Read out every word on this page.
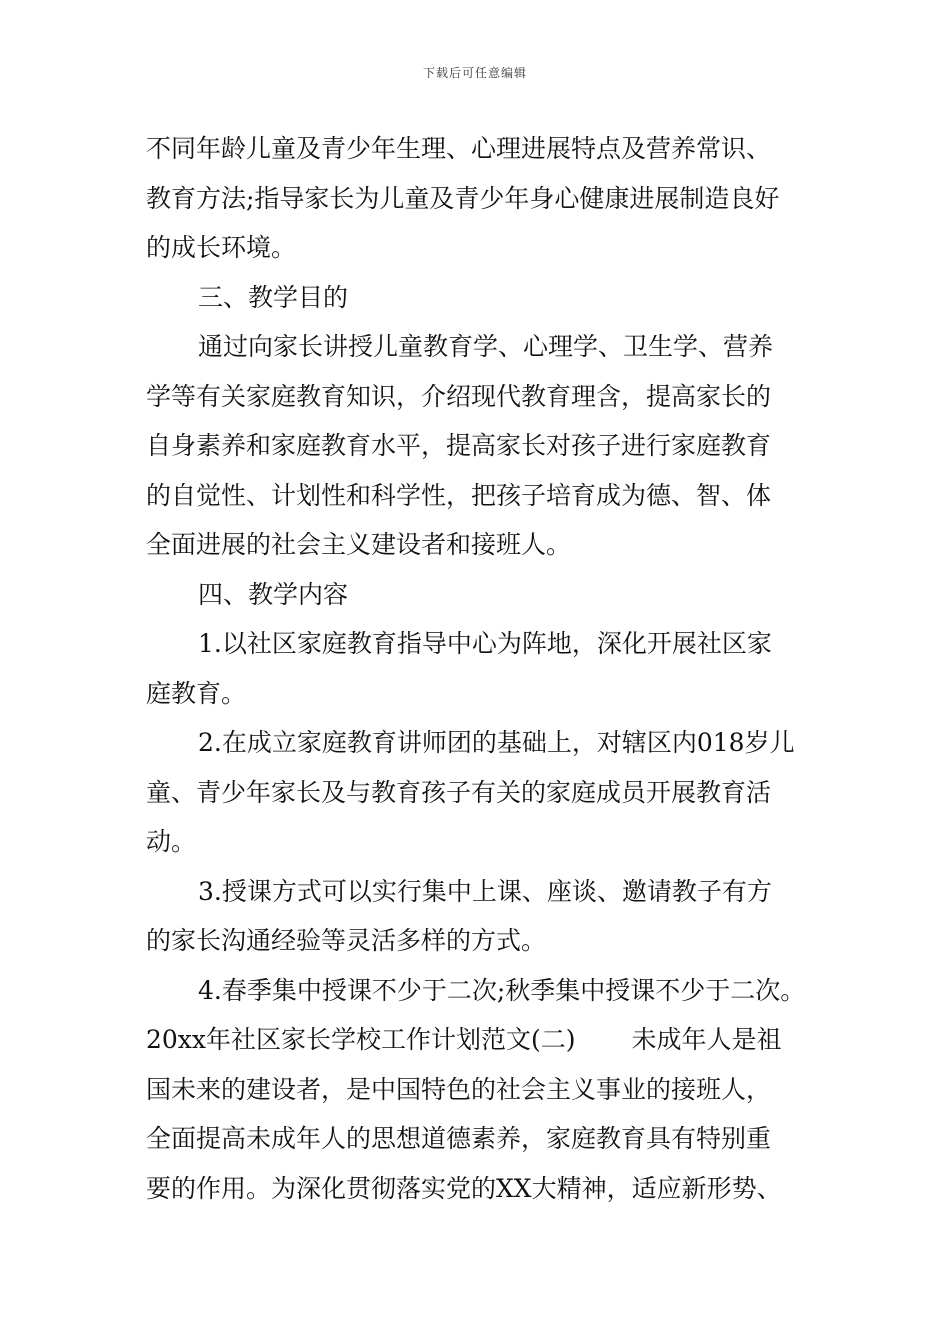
下载后可任意编辑
不同年龄儿童及青少年生理、心理进展特点及营养常识、
教育方法;指导家长为儿童及青少年身心健康进展制造良好
的成长环境。
三、教学目的
通过向家长讲授儿童教育学、心理学、卫生学、营养
学等有关家庭教育知识，介绍现代教育理含，提高家长的
自身素养和家庭教育水平，提高家长对孩子进行家庭教育
的自觉性、计划性和科学性，把孩子培育成为德、智、体
全面进展的社会主义建设者和接班人。
四、教学内容
1.以社区家庭教育指导中心为阵地，深化开展社区家
庭教育。
2.在成立家庭教育讲师团的基础上，对辖区内018岁儿
童、青少年家长及与教育孩子有关的家庭成员开展教育活
动。
3.授课方式可以实行集中上课、座谈、邀请教子有方
的家长沟通经验等灵活多样的方式。
4.春季集中授课不少于二次;秋季集中授课不少于二次。
20xx年社区家长学校工作计划范文(二) 未成年人是祖
国未来的建设者，是中国特色的社会主义事业的接班人，
全面提高未成年人的思想道德素养，家庭教育具有特别重
要的作用。为深化贯彻落实党的XX大精神，适应新形势、
